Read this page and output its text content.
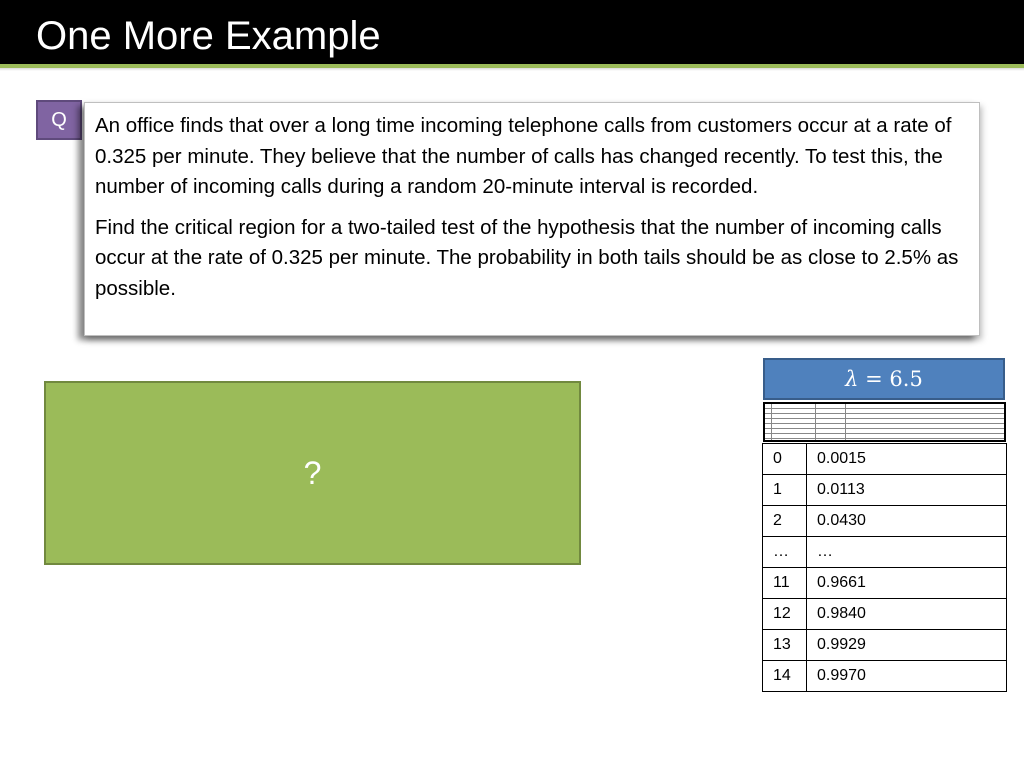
One More Example
Q	An office finds that over a long time incoming telephone calls from customers occur at a rate of 0.325 per minute. They believe that the number of calls has changed recently. To test this, the number of incoming calls during a random 20-minute interval is recorded.

Find the critical region for a two-tailed test of the hypothesis that the number of incoming calls occur at the rate of 0.325 per minute. The probability in both tails should be as close to 2.5% as possible.

?
λ = 6.5
0	0.0015
1	0.0113
2	0.0430
…	…
11	0.9661
12	0.9840
13	0.9929
14	0.9970
